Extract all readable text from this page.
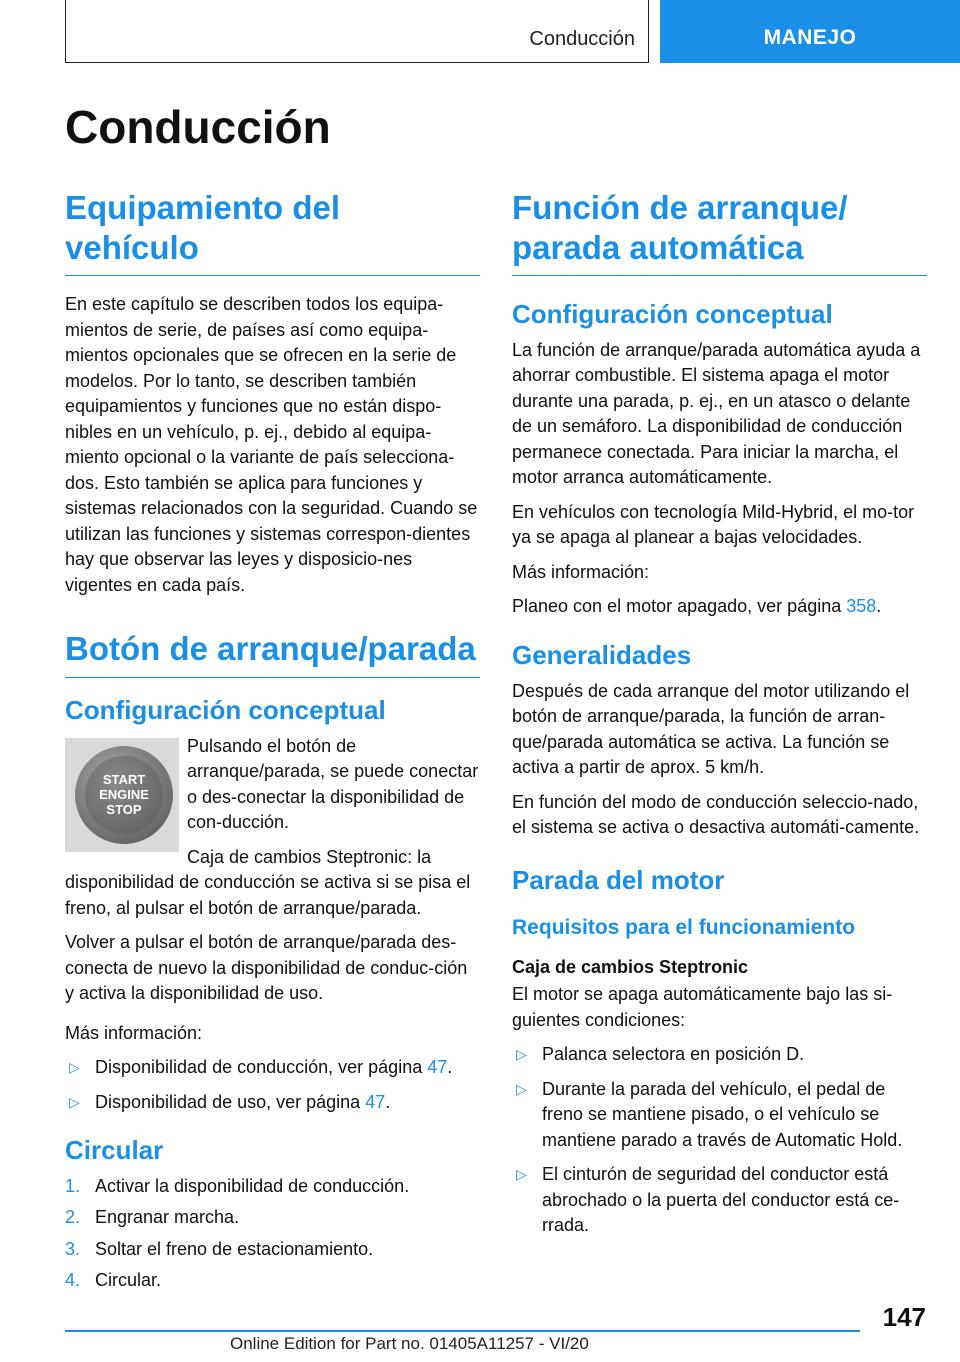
Conducción	MANEJO
Conducción
Equipamiento del vehículo

En este capítulo se describen todos los equipa-mientos de serie, de países así como equipa-mientos opcionales que se ofrecen en la serie de modelos. Por lo tanto, se describen también equipamientos y funciones que no están dispo-nibles en un vehículo, p. ej., debido al equipa-miento opcional o la variante de país selecciona-dos. Esto también se aplica para funciones y sistemas relacionados con la seguridad. Cuando se utilizan las funciones y sistemas correspon-dientes hay que observar las leyes y disposicio-nes vigentes en cada país.

Botón de arranque/parada
Configuración conceptual
START
ENGINE
STOP

Pulsando el botón de arranque/parada, se puede conectar o des-conectar la disponibilidad de con-ducción.

Caja de cambios Steptronic: la disponibilidad de conducción se activa si se pisa el freno, al pulsar el botón de arranque/parada.

Volver a pulsar el botón de arranque/parada des-conecta de nuevo la disponibilidad de conduc-ción y activa la disponibilidad de uso.

Más información:

▷ Disponibilidad de conducción, ver página 47.
▷ Disponibilidad de uso, ver página 47.
Circular
1. Activar la disponibilidad de conducción.
2. Engranar marcha.
3. Soltar el freno de estacionamiento.
4. Circular.
Función de arranque/ parada automática
Configuración conceptual

La función de arranque/parada automática ayuda a ahorrar combustible. El sistema apaga el motor durante una parada, p. ej., en un atasco o delante de un semáforo. La disponibilidad de conducción permanece conectada. Para iniciar la marcha, el motor arranca automáticamente.

En vehículos con tecnología Mild-Hybrid, el mo-tor ya se apaga al planear a bajas velocidades.

Más información:

Planeo con el motor apagado, ver página 358.

Generalidades

Después de cada arranque del motor utilizando el botón de arranque/parada, la función de arran-que/parada automática se activa. La función se activa a partir de aprox. 5 km/h.

En función del modo de conducción seleccio-nado, el sistema se activa o desactiva automáti-camente.

Parada del motor
Requisitos para el funcionamiento
Caja de cambios Steptronic

El motor se apaga automáticamente bajo las si-guientes condiciones:

▷ Palanca selectora en posición D.
▷ Durante la parada del vehículo, el pedal de freno se mantiene pisado, o el vehículo se mantiene parado a través de Automatic Hold.
▷ El cinturón de seguridad del conductor está abrochado o la puerta del conductor está ce-rrada.
147
Online Edition for Part no. 01405A11257 - VI/20
